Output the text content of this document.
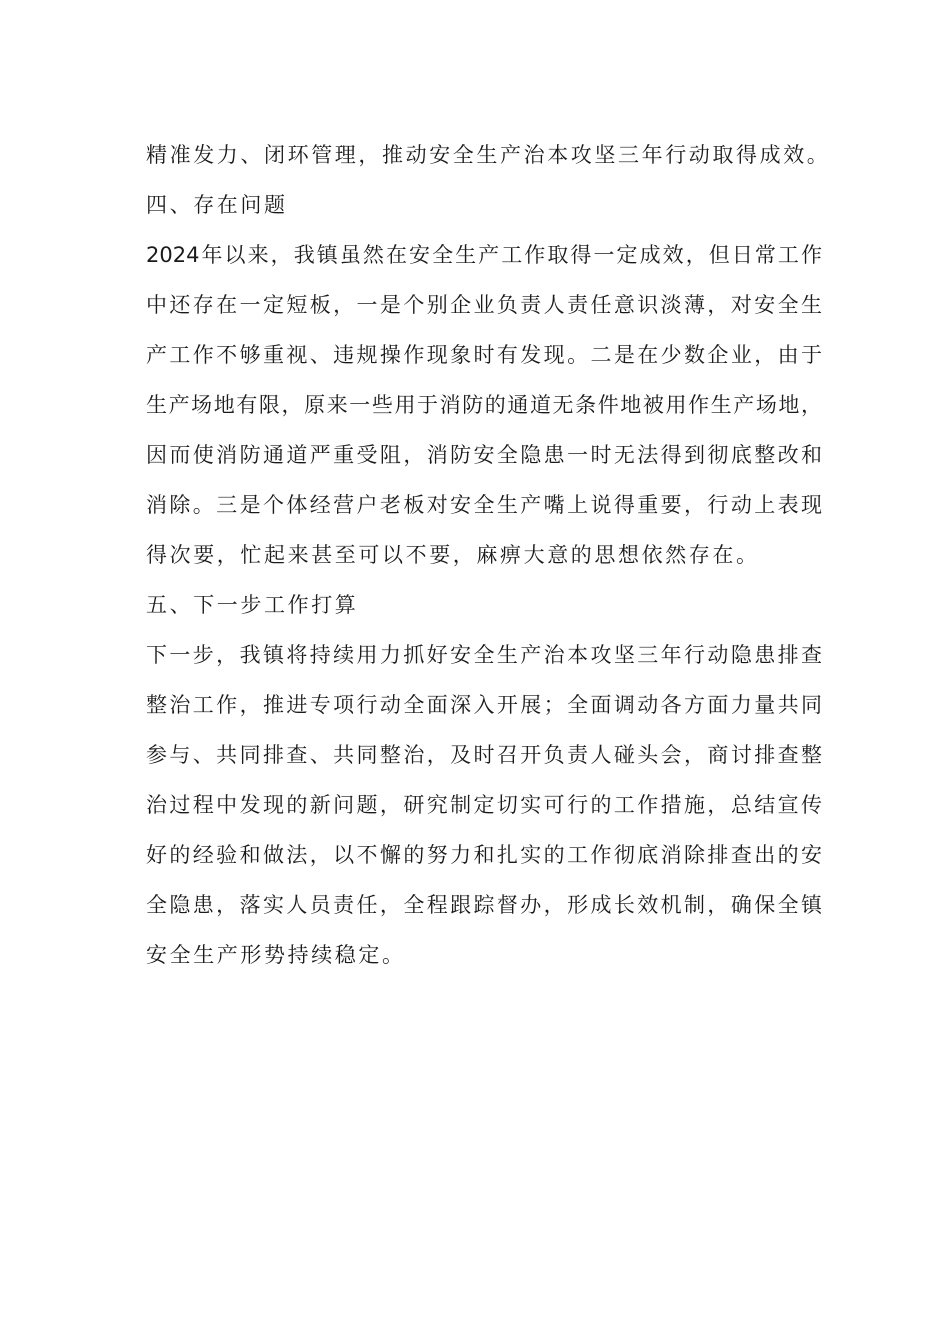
精准发力、闭环管理，推动安全生产治本攻坚三年行动取得成效。
四、存在问题
2024年以来，我镇虽然在安全生产工作取得一定成效，但日常工作
中还存在一定短板，一是个别企业负责人责任意识淡薄，对安全生
产工作不够重视、违规操作现象时有发现。二是在少数企业，由于
生产场地有限，原来一些用于消防的通道无条件地被用作生产场地，
因而使消防通道严重受阻，消防安全隐患一时无法得到彻底整改和
消除。三是个体经营户老板对安全生产嘴上说得重要，行动上表现
得次要，忙起来甚至可以不要，麻痹大意的思想依然存在。
五、下一步工作打算
下一步，我镇将持续用力抓好安全生产治本攻坚三年行动隐患排查
整治工作，推进专项行动全面深入开展；全面调动各方面力量共同
参与、共同排查、共同整治，及时召开负责人碰头会，商讨排查整
治过程中发现的新问题，研究制定切实可行的工作措施，总结宣传
好的经验和做法，以不懈的努力和扎实的工作彻底消除排查出的安
全隐患，落实人员责任，全程跟踪督办，形成长效机制，确保全镇
安全生产形势持续稳定。
